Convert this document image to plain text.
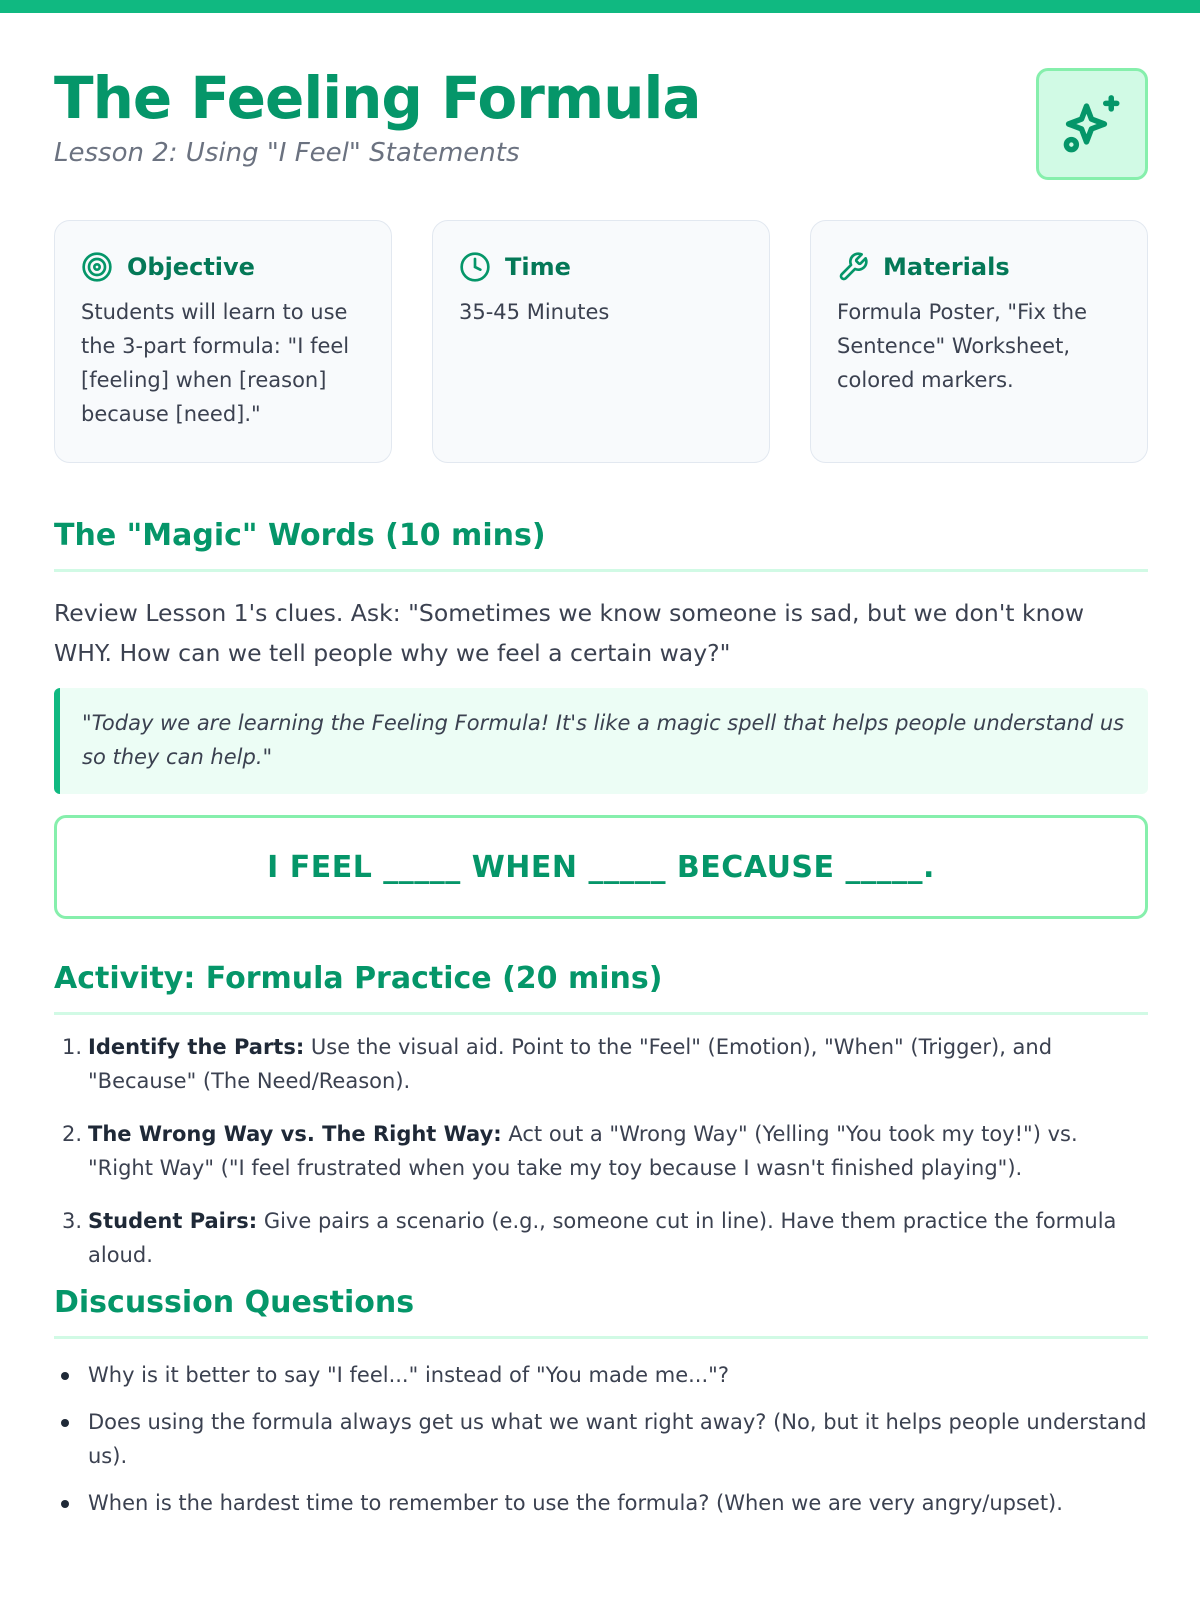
The Feeling Formula
Lesson 2: Using "I Feel" Statements
Objective

Students will learn to use the 3-part formula: "I feel [feeling] when [reason] because [need]."

Time

35-45 Minutes

Materials

Formula Poster, "Fix the Sentence" Worksheet, colored markers.

The "Magic" Words (10 mins)

Review Lesson 1's clues. Ask: "Sometimes we know someone is sad, but we don't know WHY. How can we tell people why we feel a certain way?"

"Today we are learning the Feeling Formula! It's like a magic spell that helps people understand us so they can help."

I FEEL _____ WHEN _____ BECAUSE _____.
Activity: Formula Practice (20 mins)
1. Identify the Parts: Use the visual aid. Point to the "Feel" (Emotion), "When" (Trigger), and "Because" (The Need/Reason).
2. The Wrong Way vs. The Right Way: Act out a "Wrong Way" (Yelling "You took my toy!") vs. "Right Way" ("I feel frustrated when you take my toy because I wasn't finished playing").
3. Student Pairs: Give pairs a scenario (e.g., someone cut in line). Have them practice the formula aloud.
Discussion Questions
Why is it better to say "I feel..." instead of "You made me..."?
Does using the formula always get us what we want right away? (No, but it helps people understand us).
When is the hardest time to remember to use the formula? (When we are very angry/upset).
